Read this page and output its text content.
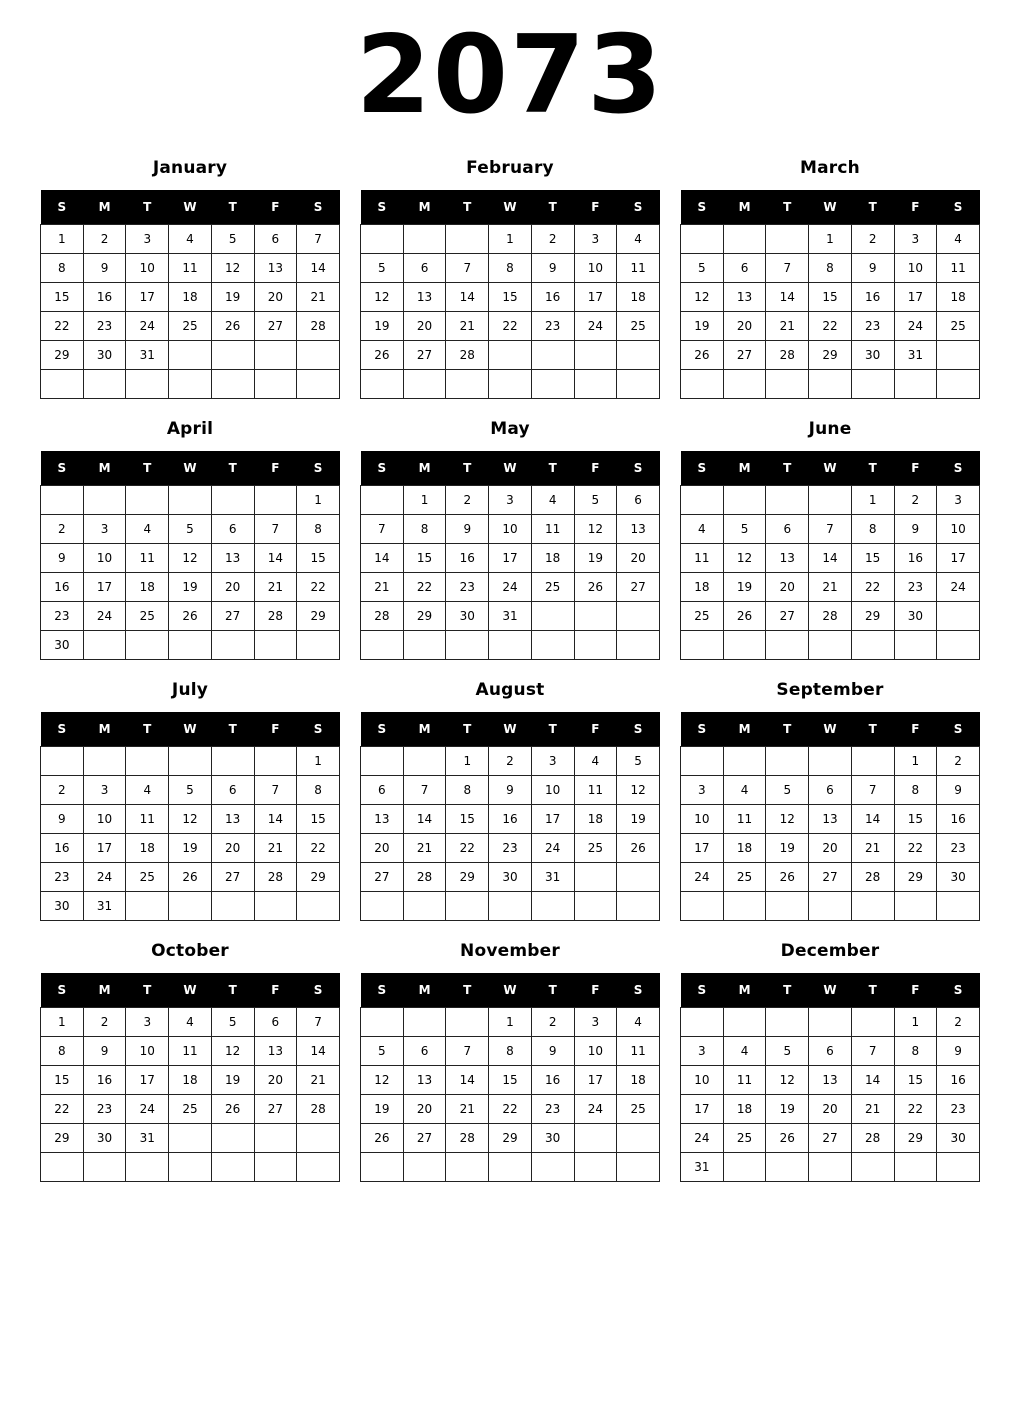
2073
January
S	M	T	W	T	F	S
1	2	3	4	5	6	7
8	9	10	11	12	13	14
15	16	17	18	19	20	21
22	23	24	25	26	27	28
29	30	31				

February
S	M	T	W	T	F	S
			1	2	3	4
5	6	7	8	9	10	11
12	13	14	15	16	17	18
19	20	21	22	23	24	25
26	27	28				

March
S	M	T	W	T	F	S
			1	2	3	4
5	6	7	8	9	10	11
12	13	14	15	16	17	18
19	20	21	22	23	24	25
26	27	28	29	30	31	

April
S	M	T	W	T	F	S
						1
2	3	4	5	6	7	8
9	10	11	12	13	14	15
16	17	18	19	20	21	22
23	24	25	26	27	28	29
30						
May
S	M	T	W	T	F	S
	1	2	3	4	5	6
7	8	9	10	11	12	13
14	15	16	17	18	19	20
21	22	23	24	25	26	27
28	29	30	31			

June
S	M	T	W	T	F	S
				1	2	3
4	5	6	7	8	9	10
11	12	13	14	15	16	17
18	19	20	21	22	23	24
25	26	27	28	29	30	

July
S	M	T	W	T	F	S
						1
2	3	4	5	6	7	8
9	10	11	12	13	14	15
16	17	18	19	20	21	22
23	24	25	26	27	28	29
30	31					
August
S	M	T	W	T	F	S
		1	2	3	4	5
6	7	8	9	10	11	12
13	14	15	16	17	18	19
20	21	22	23	24	25	26
27	28	29	30	31		

September
S	M	T	W	T	F	S
					1	2
3	4	5	6	7	8	9
10	11	12	13	14	15	16
17	18	19	20	21	22	23
24	25	26	27	28	29	30

October
S	M	T	W	T	F	S
1	2	3	4	5	6	7
8	9	10	11	12	13	14
15	16	17	18	19	20	21
22	23	24	25	26	27	28
29	30	31				

November
S	M	T	W	T	F	S
			1	2	3	4
5	6	7	8	9	10	11
12	13	14	15	16	17	18
19	20	21	22	23	24	25
26	27	28	29	30		

December
S	M	T	W	T	F	S
					1	2
3	4	5	6	7	8	9
10	11	12	13	14	15	16
17	18	19	20	21	22	23
24	25	26	27	28	29	30
31						
